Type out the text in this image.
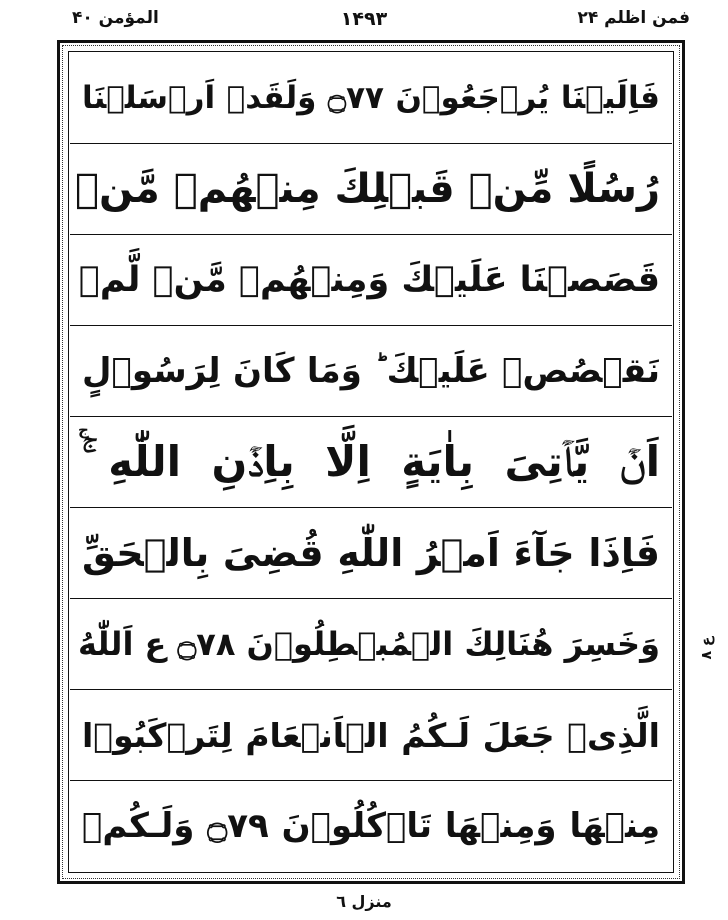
المؤمن ۴۰	۱۴۹۳	فمن اظلم ۲۴
فَاِلَيۡنَا يُرۡجَعُوۡنَ ۝٧٧ وَلَقَدۡ اَرۡسَلۡنَا
رُسُلًا مِّنۡ قَبۡلِكَ مِنۡهُمۡ مَّنۡ
قَصَصۡنَا عَلَيۡكَ وَمِنۡهُمۡ مَّنۡ لَّمۡ
نَقۡصُصۡ عَلَيۡكَ ؕ وَمَا كَانَ لِرَسُوۡلٍ
ج
اَنۡ يَّاۡتِىَ بِاٰيَةٍ اِلَّا بِاِذۡنِ اللّٰهِ ۚ
فَاِذَا جَآءَ اَمۡرُ اللّٰهِ قُضِىَ بِالۡحَقِّ
وَخَسِرَ هُنَالِكَ الۡمُبۡطِلُوۡنَ ۝٧٨ ع اَللّٰهُ
الَّذِىۡ جَعَلَ لَـكُمُ الۡاَنۡعَامَ لِتَرۡكَبُوۡا
مِنۡهَا وَمِنۡهَا تَاۡكُلُوۡنَ ۝٧٩ وَلَـكُمۡ
ع ۸
منزل ٦
